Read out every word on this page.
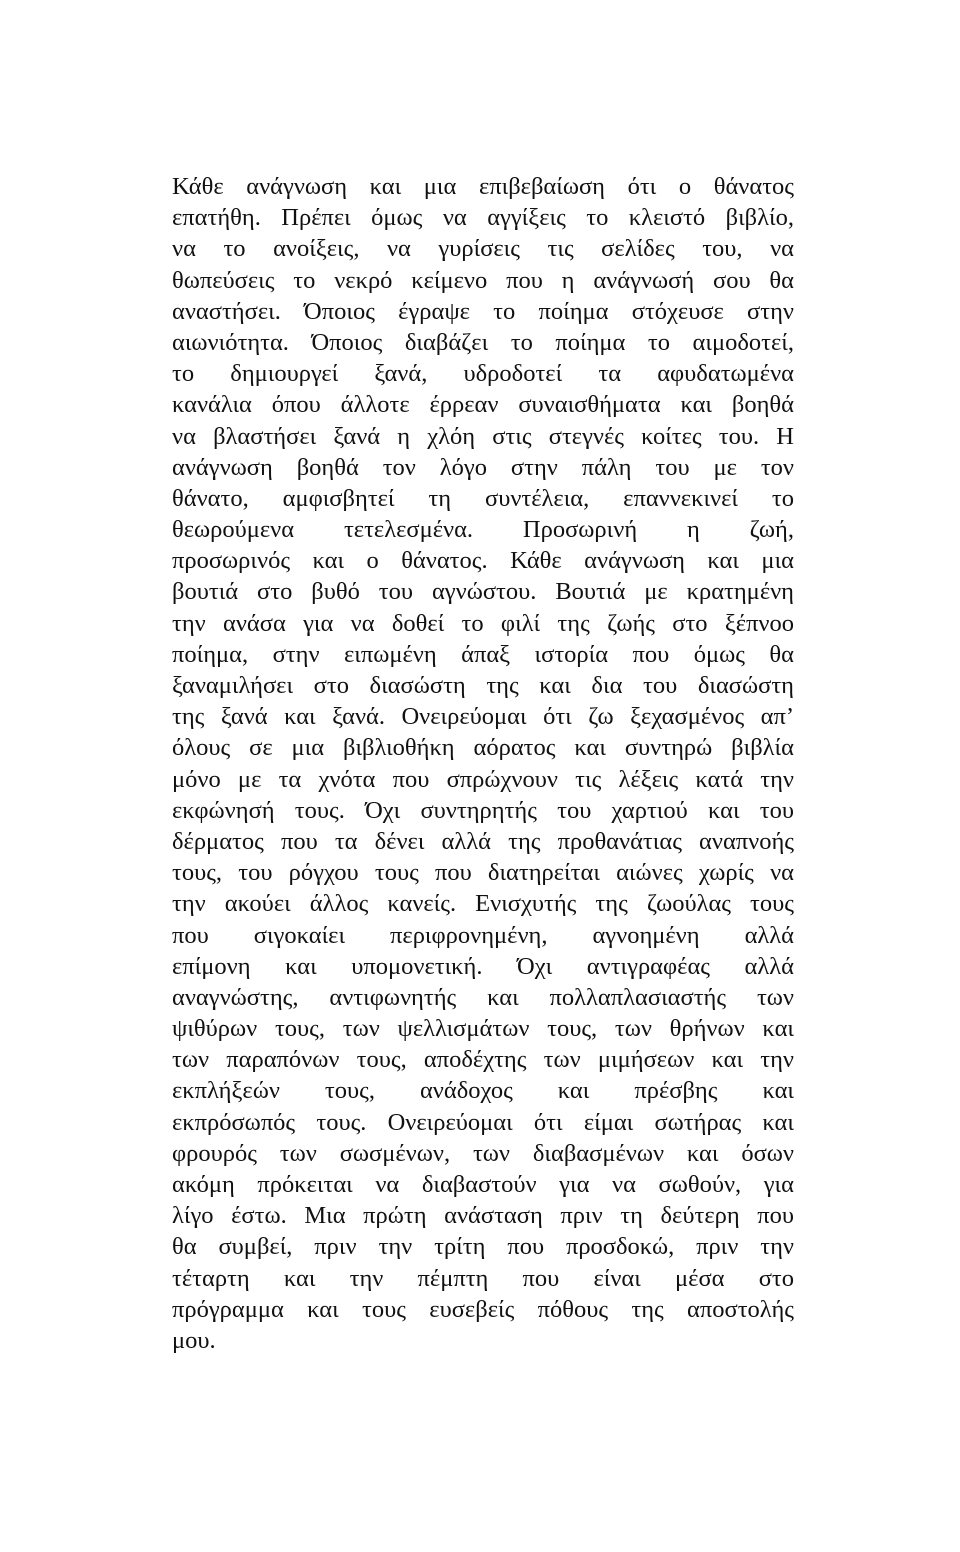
Κάθε ανάγνωση και μια επιβεβαίωση ότι ο θάνατος
επατήθη. Πρέπει όμως να αγγίξεις το κλειστό βιβλίο,
να το ανοίξεις, να γυρίσεις τις σελίδες του, να
θωπεύσεις το νεκρό κείμενο που η ανάγνωσή σου θα
αναστήσει. Όποιος έγραψε το ποίημα στόχευσε στην
αιωνιότητα. Όποιος διαβάζει το ποίημα το αιμοδοτεί,
το δημιουργεί ξανά, υδροδοτεί τα αφυδατωμένα
κανάλια όπου άλλοτε έρρεαν συναισθήματα και βοηθά
να βλαστήσει ξανά η χλόη στις στεγνές κοίτες του. Η
ανάγνωση βοηθά τον λόγο στην πάλη του με τον
θάνατο, αμφισβητεί τη συντέλεια, επαννεκινεί το
θεωρούμενα τετελεσμένα. Προσωρινή η ζωή,
προσωρινός και ο θάνατος. Κάθε ανάγνωση και μια
βουτιά στο βυθό του αγνώστου. Βουτιά με κρατημένη
την ανάσα για να δοθεί το φιλί της ζωής στο ξέπνοο
ποίημα, στην ειπωμένη άπαξ ιστορία που όμως θα
ξαναμιλήσει στο διασώστη της και δια του διασώστη
της ξανά και ξανά. Ονειρεύομαι ότι ζω ξεχασμένος απ’
όλους σε μια βιβλιοθήκη αόρατος και συντηρώ βιβλία
μόνο με τα χνότα που σπρώχνουν τις λέξεις κατά την
εκφώνησή τους. Όχι συντηρητής του χαρτιού και του
δέρματος που τα δένει αλλά της προθανάτιας αναπνοής
τους, του ρόγχου τους που διατηρείται αιώνες χωρίς να
την ακούει άλλος κανείς. Ενισχυτής της ζωούλας τους
που σιγοκαίει περιφρονημένη, αγνοημένη αλλά
επίμονη και υπομονετική. Όχι αντιγραφέας αλλά
αναγνώστης, αντιφωνητής και πολλαπλασιαστής των
ψιθύρων τους, των ψελλισμάτων τους, των θρήνων και
των παραπόνων τους, αποδέχτης των μιμήσεων και την
εκπλήξεών τους, ανάδοχος και πρέσβης και
εκπρόσωπός τους. Ονειρεύομαι ότι είμαι σωτήρας και
φρουρός των σωσμένων, των διαβασμένων και όσων
ακόμη πρόκειται να διαβαστούν για να σωθούν, για
λίγο έστω. Μια πρώτη ανάσταση πριν τη δεύτερη που
θα συμβεί, πριν την τρίτη που προσδοκώ, πριν την
τέταρτη και την πέμπτη που είναι μέσα στο
πρόγραμμα και τους ευσεβείς πόθους της αποστολής
μου.
